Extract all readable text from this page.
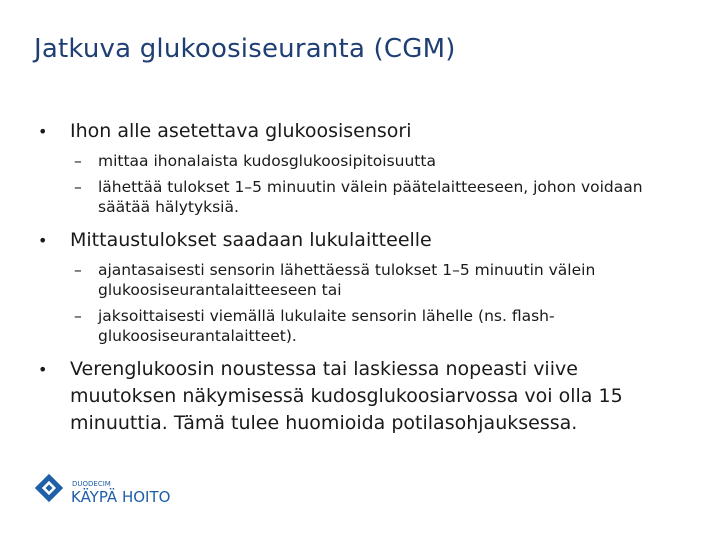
Jatkuva glukoosiseuranta (CGM)
• Ihon alle asetettava glukoosisensori
– mittaa ihonalaista kudosglukoosipitoisuutta
– lähettää tulokset 1–5 minuutin välein päätelaitteeseen, johon voidaan säätää hälytyksiä.
• Mittaustulokset saadaan lukulaitteelle
– ajantasaisesti sensorin lähettäessä tulokset 1–5 minuutin välein glukoosiseurantalaitteeseen tai
– jaksoittaisesti viemällä lukulaite sensorin lähelle (ns. flash-glukoosiseurantalaitteet).
• Verenglukoosin noustessa tai laskiessa nopeasti viive muutoksen näkymisessä kudosglukoosiarvossa voi olla 15 minuuttia. Tämä tulee huomioida potilasohjauksessa.
DUODECIM
KÄYPÄ HOITO
